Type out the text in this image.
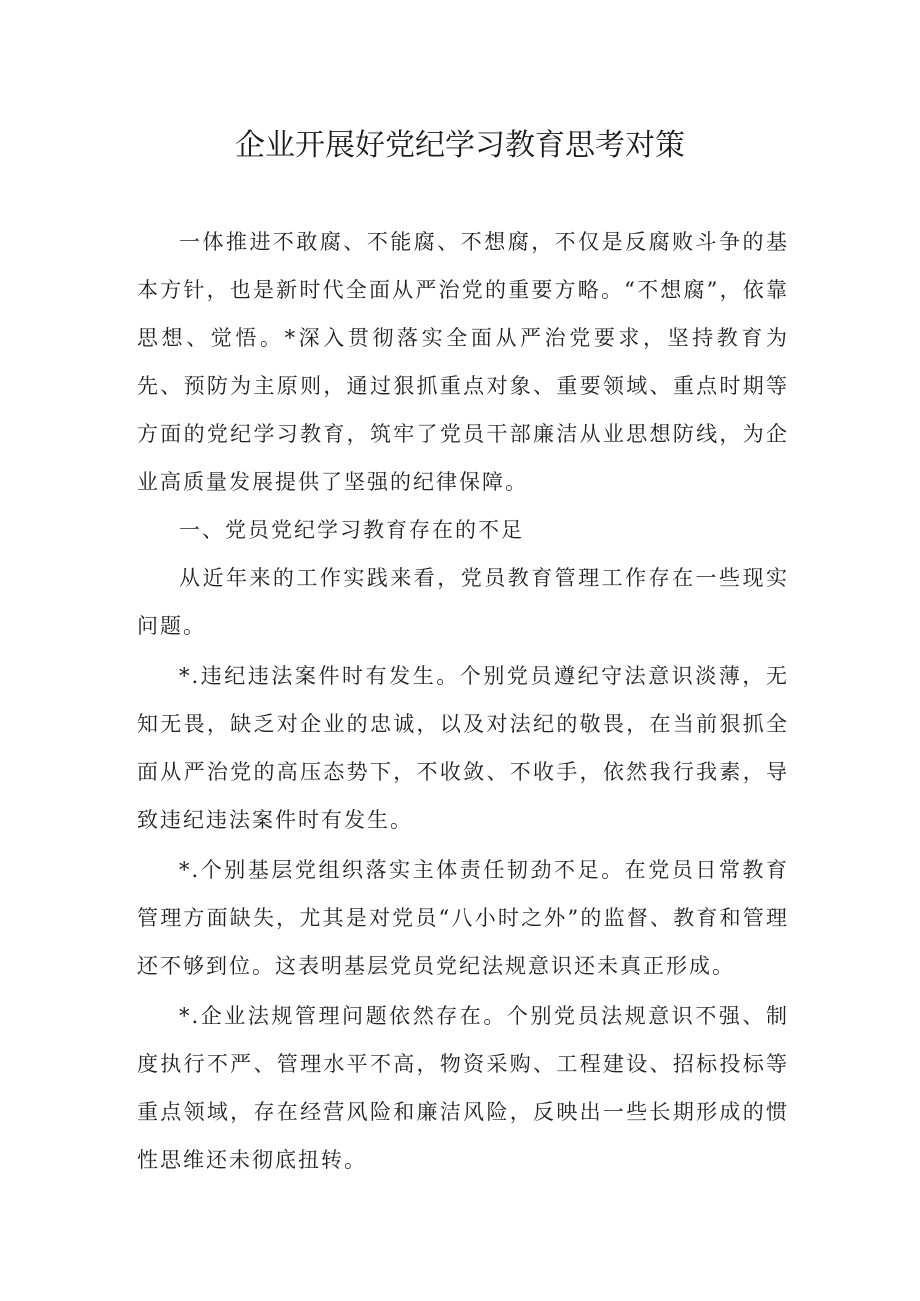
企业开展好党纪学习教育思考对策

一体推进不敢腐、不能腐、不想腐，不仅是反腐败斗争的基本方针，也是新时代全面从严治党的重要方略。“不想腐”，依靠思想、觉悟。*深入贯彻落实全面从严治党要求，坚持教育为先、预防为主原则，通过狠抓重点对象、重要领域、重点时期等方面的党纪学习教育，筑牢了党员干部廉洁从业思想防线，为企业高质量发展提供了坚强的纪律保障。

一、党员党纪学习教育存在的不足

从近年来的工作实践来看，党员教育管理工作存在一些现实问题。

*.违纪违法案件时有发生。个别党员遵纪守法意识淡薄，无知无畏，缺乏对企业的忠诚，以及对法纪的敬畏，在当前狠抓全面从严治党的高压态势下，不收敛、不收手，依然我行我素，导致违纪违法案件时有发生。

*.个别基层党组织落实主体责任韧劲不足。在党员日常教育管理方面缺失，尤其是对党员“八小时之外”的监督、教育和管理还不够到位。这表明基层党员党纪法规意识还未真正形成。

*.企业法规管理问题依然存在。个别党员法规意识不强、制度执行不严、管理水平不高，物资采购、工程建设、招标投标等重点领域，存在经营风险和廉洁风险，反映出一些长期形成的惯性思维还未彻底扭转。
